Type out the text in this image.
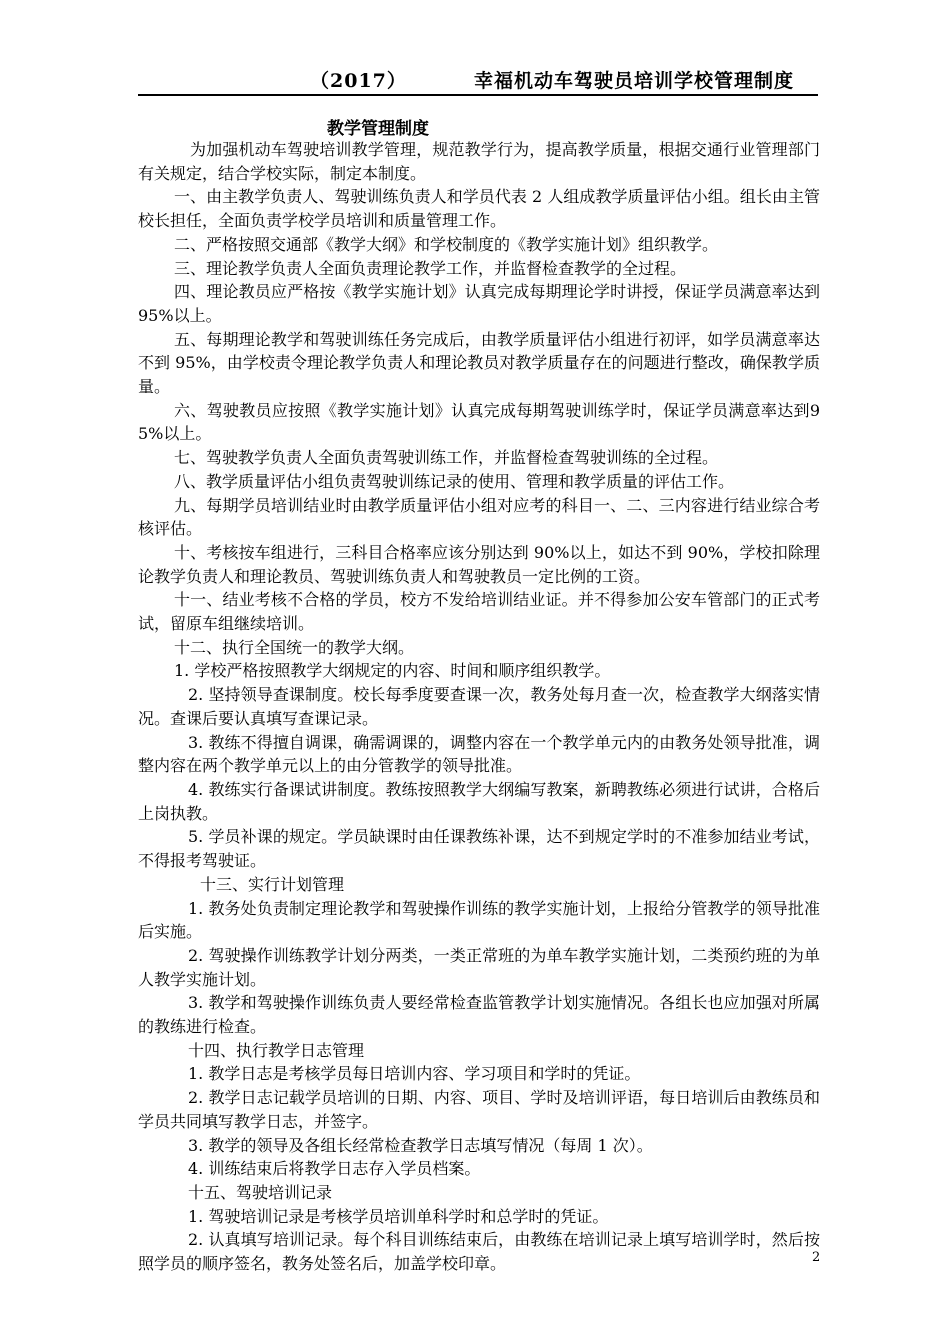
（2017）	幸福机动车驾驶员培训学校管理制度
教学管理制度

为加强机动车驾驶培训教学管理，规范教学行为，提高教学质量，根据交通行业管理部门有关规定，结合学校实际，制定本制度。

一、由主教学负责人、驾驶训练负责人和学员代表 2 人组成教学质量评估小组。组长由主管校长担任，全面负责学校学员培训和质量管理工作。

二、严格按照交通部《教学大纲》和学校制度的《教学实施计划》组织教学。

三、理论教学负责人全面负责理论教学工作，并监督检查教学的全过程。

四、理论教员应严格按《教学实施计划》认真完成每期理论学时讲授，保证学员满意率达到95%以上。

五、每期理论教学和驾驶训练任务完成后，由教学质量评估小组进行初评，如学员满意率达不到 95%，由学校责令理论教学负责人和理论教员对教学质量存在的问题进行整改，确保教学质量。

六、驾驶教员应按照《教学实施计划》认真完成每期驾驶训练学时，保证学员满意率达到95%以上。

七、驾驶教学负责人全面负责驾驶训练工作，并监督检查驾驶训练的全过程。

八、教学质量评估小组负责驾驶训练记录的使用、管理和教学质量的评估工作。

九、每期学员培训结业时由教学质量评估小组对应考的科目一、二、三内容进行结业综合考核评估。

十、考核按车组进行，三科目合格率应该分别达到 90%以上，如达不到 90%，学校扣除理论教学负责人和理论教员、驾驶训练负责人和驾驶教员一定比例的工资。

十一、结业考核不合格的学员，校方不发给培训结业证。并不得参加公安车管部门的正式考试，留原车组继续培训。

十二、执行全国统一的教学大纲。

1. 学校严格按照教学大纲规定的内容、时间和顺序组织教学。

2. 坚持领导查课制度。校长每季度要查课一次，教务处每月查一次，检查教学大纲落实情况。查课后要认真填写查课记录。

3. 教练不得擅自调课，确需调课的，调整内容在一个教学单元内的由教务处领导批准，调整内容在两个教学单元以上的由分管教学的领导批准。

4. 教练实行备课试讲制度。教练按照教学大纲编写教案，新聘教练必须进行试讲，合格后上岗执教。

5. 学员补课的规定。学员缺课时由任课教练补课，达不到规定学时的不准参加结业考试，不得报考驾驶证。

十三、实行计划管理

1. 教务处负责制定理论教学和驾驶操作训练的教学实施计划，上报给分管教学的领导批准后实施。

2. 驾驶操作训练教学计划分两类，一类正常班的为单车教学实施计划，二类预约班的为单人教学实施计划。

3. 教学和驾驶操作训练负责人要经常检查监管教学计划实施情况。各组长也应加强对所属的教练进行检查。

十四、执行教学日志管理

1. 教学日志是考核学员每日培训内容、学习项目和学时的凭证。

2. 教学日志记载学员培训的日期、内容、项目、学时及培训评语，每日培训后由教练员和学员共同填写教学日志，并签字。

3. 教学的领导及各组长经常检查教学日志填写情况（每周 1 次）。

4. 训练结束后将教学日志存入学员档案。

十五、驾驶培训记录

1. 驾驶培训记录是考核学员培训单科学时和总学时的凭证。

2. 认真填写培训记录。每个科目训练结束后，由教练在培训记录上填写培训学时，然后按照学员的顺序签名，教务处签名后，加盖学校印章。	2
